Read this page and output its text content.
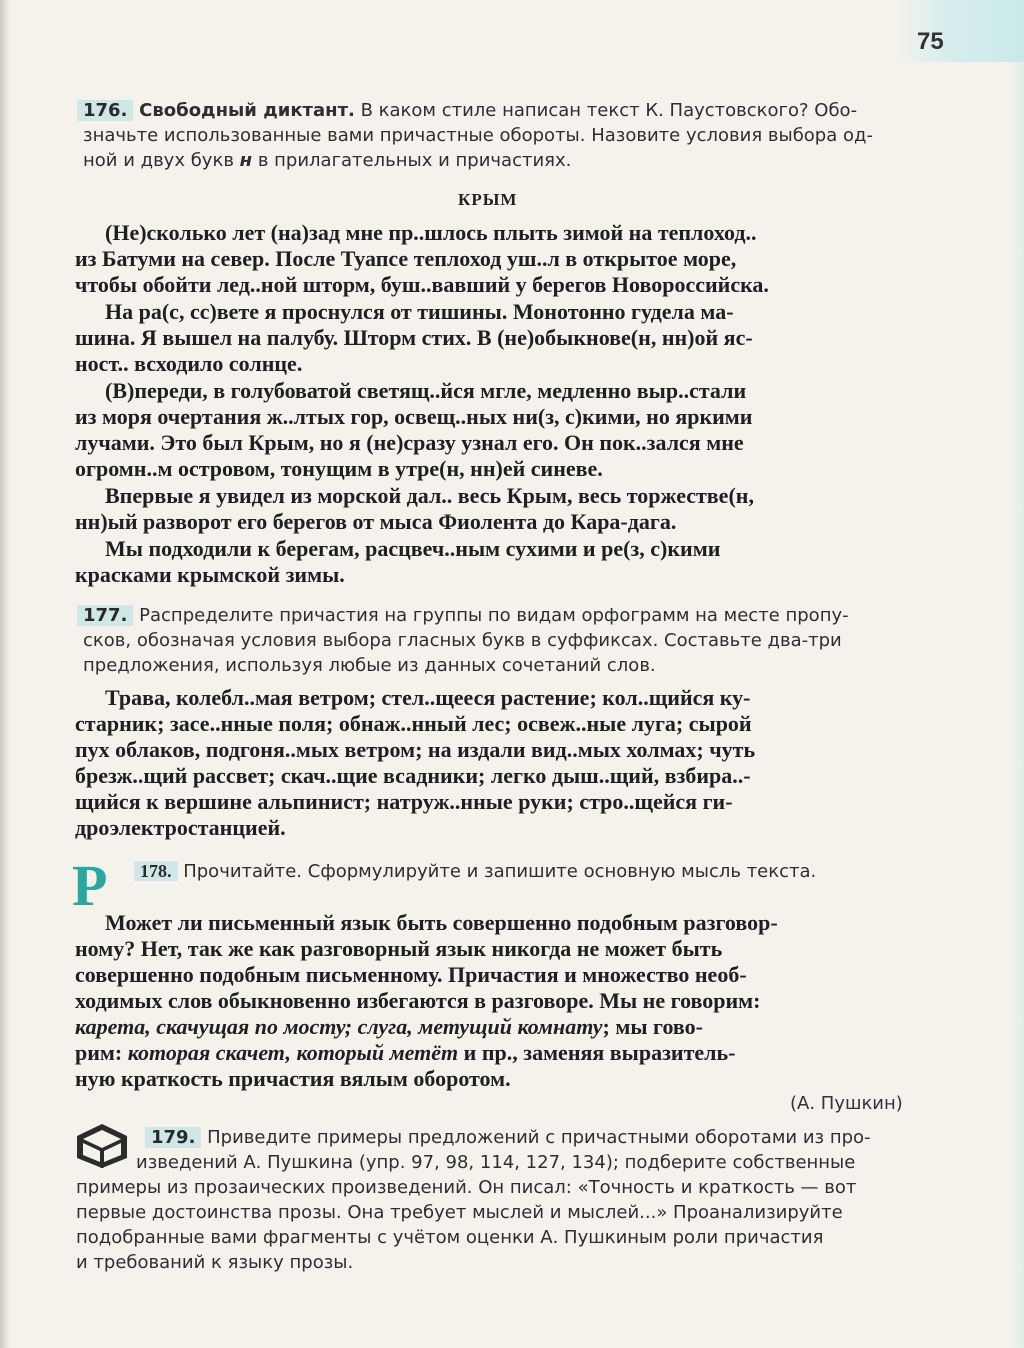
75
176. Свободный диктант. В каком стиле написан текст К. Паустовского? Обо-
значьте использованные вами причастные обороты. Назовите условия выбора од-
ной и двух букв н в прилагательных и причастиях.
КРЫМ
(Не)сколько лет (на)зад мне пр..шлось плыть зимой на теплоход..
из Батуми на север. После Туапсе теплоход уш..л в открытое море,
чтобы обойти лед..ной шторм, буш..вавший у берегов Новороссийска.
На ра(с, сс)вете я проснулся от тишины. Монотонно гудела ма-
шина. Я вышел на палубу. Шторм стих. В (не)обыкнове(н, нн)ой яс-
ност.. всходило солнце.
(В)переди, в голубоватой светящ..йся мгле, медленно выр..стали
из моря очертания ж..лтых гор, освещ..ных ни(з, с)кими, но яркими
лучами. Это был Крым, но я (не)сразу узнал его. Он пок..зался мне
огромн..м островом, тонущим в утре(н, нн)ей синеве.
Впервые я увидел из морской дал.. весь Крым, весь торжестве(н,
нн)ый разворот его берегов от мыса Фиолента до Кара-дага.
Мы подходили к берегам, расцвеч..ным сухими и ре(з, с)кими
красками крымской зимы.
177. Распределите причастия на группы по видам орфограмм на месте пропу-
сков, обозначая условия выбора гласных букв в суффиксах. Составьте два-три
предложения, используя любые из данных сочетаний слов.
Трава, колебл..мая ветром; стел..щееся растение; кол..щийся ку-
старник; засе..нные поля; обнаж..нный лес; освеж..ные луга; сырой
пух облаков, подгоня..мых ветром; на издали вид..мых холмах; чуть
брезж..щий рассвет; скач..щие всадники; легко дыш..щий, взбира..-
щийся к вершине альпинист; натруж..нные руки; стро..щейся ги-
дроэлектростанцией.
Р 178. Прочитайте. Сформулируйте и запишите основную мысль текста.
Может ли письменный язык быть совершенно подобным разговор-
ному? Нет, так же как разговорный язык никогда не может быть
совершенно подобным письменному. Причастия и множество необ-
ходимых слов обыкновенно избегаются в разговоре. Мы не говорим:
карета, скачущая по мосту; слуга, метущий комнату; мы гово-
рим: которая скачет, который метёт и пр., заменяя выразитель-
ную краткость причастия вялым оборотом.
(А. Пушкин)
179. Приведите примеры предложений с причастными оборотами из про-
изведений А. Пушкина (упр. 97, 98, 114, 127, 134); подберите собственные
примеры из прозаических произведений. Он писал: «Точность и краткость — вот
первые достоинства прозы. Она требует мыслей и мыслей...» Проанализируйте
подобранные вами фрагменты с учётом оценки А. Пушкиным роли причастия
и требований к языку прозы.
